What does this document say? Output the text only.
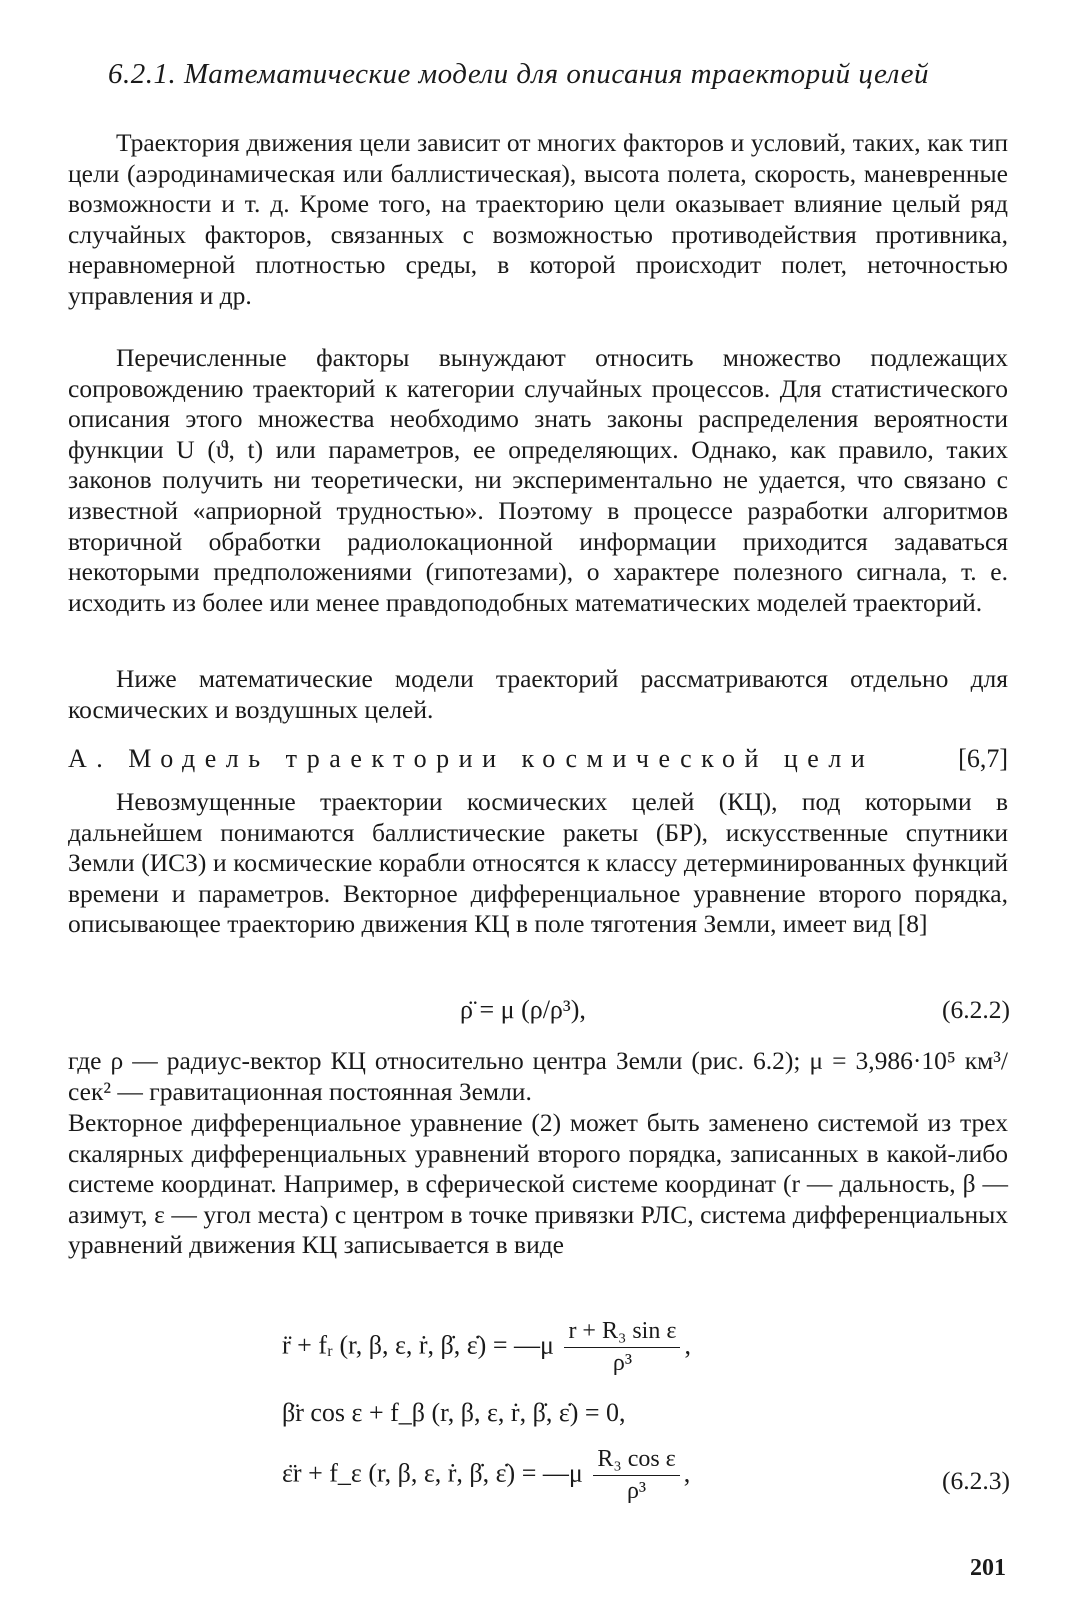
6.2.1. Математические модели для описания траекторий целей
Траектория движения цели зависит от многих факторов и условий, таких, как тип цели (аэродинамическая или баллистическая), высота полета, скорость, маневренные возможности и т. д. Кроме того, на траекторию цели оказывает влияние целый ряд случайных факторов, связанных с возможностью противодействия противника, неравномерной плотностью среды, в которой происходит полет, неточностью управления и др.
Перечисленные факторы вынуждают относить множество подлежащих сопровождению траекторий к категории случайных процессов. Для статистического описания этого множества необходимо знать законы распределения вероятности функции U (ϑ, t) или параметров, ее определяющих. Однако, как правило, таких законов получить ни теоретически, ни экспериментально не удается, что связано с известной «априорной трудностью». Поэтому в процессе разработки алгоритмов вторичной обработки радиолокационной информации приходится задаваться некоторыми предположениями (гипотезами), о характере полезного сигнала, т. е. исходить из более или менее правдоподобных математических моделей траекторий.
Ниже математические модели траекторий рассматриваются отдельно для космических и воздушных целей.
А. Модель траектории космической цели	[6,7]
Невозмущенные траектории космических целей (КЦ), под которыми в дальнейшем понимаются баллистические ракеты (БР), искусственные спутники Земли (ИСЗ) и космические корабли относятся к классу детерминированных функций времени и параметров. Векторное дифференциальное уравнение второго порядка, описывающее траекторию движения КЦ в поле тяготения Земли, имеет вид [8]
ρ̈ = μ (ρ/ρ³),	(6.2.2)
где ρ — радиус-вектор КЦ относительно центра Земли (рис. 6.2); μ = 3,986·10⁵ км³/сек² — гравитационная постоянная Земли.
Векторное дифференциальное уравнение (2) может быть заменено системой из трех скалярных дифференциальных уравнений второго порядка, записанных в какой-либо системе координат. Например, в сферической системе координат (r — дальность, β — азимут, ε — угол места) с центром в точке привязки РЛС, система дифференциальных уравнений движения КЦ записывается в виде
r̈ + fᵣ (r, β, ε, ṙ, β̇, ε̇) = —μ $\frac{\text{r + R₃ sin ε}}{\text{ρ³}}$ ,
β̈r cos ε + f_β (r, β, ε, ṙ, β̇, ε̇) = 0,
ε̈r + f_ε (r, β, ε, ṙ, β̇, ε̇) = —μ $\frac{\text{R₃ cos ε}}{\text{ρ³}}$ ,	(6.2.3)
201
